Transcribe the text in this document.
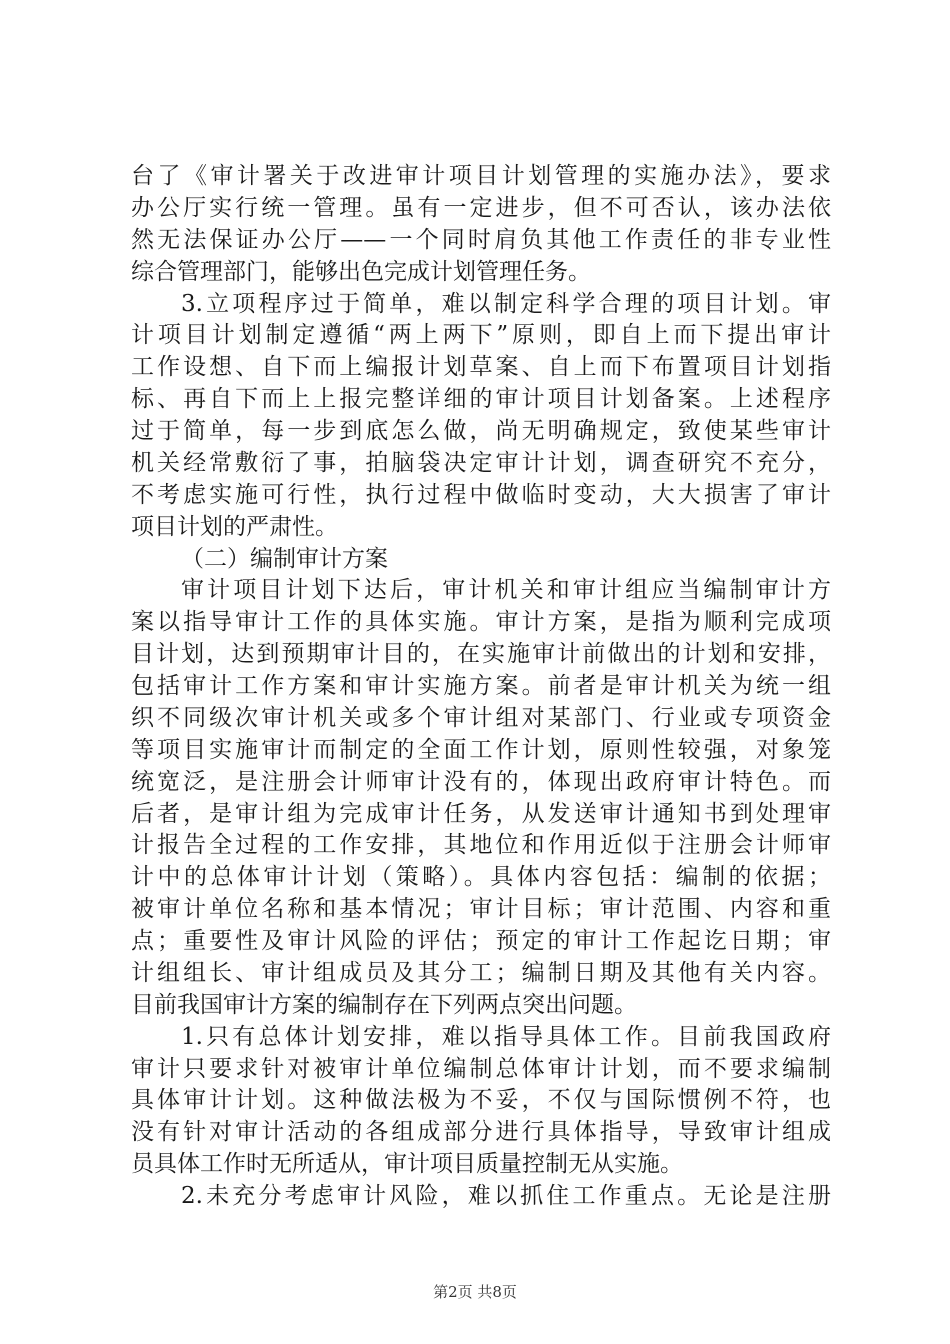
台了《审计署关于改进审计项目计划管理的实施办法》，要求
办公厅实行统一管理。虽有一定进步，但不可否认，该办法依
然无法保证办公厅——一个同时肩负其他工作责任的非专业性
综合管理部门，能够出色完成计划管理任务。
3.立项程序过于简单，难以制定科学合理的项目计划。审
计项目计划制定遵循“两上两下”原则，即自上而下提出审计
工作设想、自下而上编报计划草案、自上而下布置项目计划指
标、再自下而上上报完整详细的审计项目计划备案。上述程序
过于简单，每一步到底怎么做，尚无明确规定，致使某些审计
机关经常敷衍了事，拍脑袋决定审计计划，调查研究不充分，
不考虑实施可行性，执行过程中做临时变动，大大损害了审计
项目计划的严肃性。
（二）编制审计方案
审计项目计划下达后，审计机关和审计组应当编制审计方
案以指导审计工作的具体实施。审计方案，是指为顺利完成项
目计划，达到预期审计目的，在实施审计前做出的计划和安排，
包括审计工作方案和审计实施方案。前者是审计机关为统一组
织不同级次审计机关或多个审计组对某部门、行业或专项资金
等项目实施审计而制定的全面工作计划，原则性较强，对象笼
统宽泛，是注册会计师审计没有的，体现出政府审计特色。而
后者，是审计组为完成审计任务，从发送审计通知书到处理审
计报告全过程的工作安排，其地位和作用近似于注册会计师审
计中的总体审计计划（策略）。具体内容包括：编制的依据；
被审计单位名称和基本情况；审计目标；审计范围、内容和重
点；重要性及审计风险的评估；预定的审计工作起讫日期；审
计组组长、审计组成员及其分工；编制日期及其他有关内容。
目前我国审计方案的编制存在下列两点突出问题。
1.只有总体计划安排，难以指导具体工作。目前我国政府
审计只要求针对被审计单位编制总体审计计划，而不要求编制
具体审计计划。这种做法极为不妥，不仅与国际惯例不符，也
没有针对审计活动的各组成部分进行具体指导，导致审计组成
员具体工作时无所适从，审计项目质量控制无从实施。
2.未充分考虑审计风险，难以抓住工作重点。无论是注册
第2页 共8页
